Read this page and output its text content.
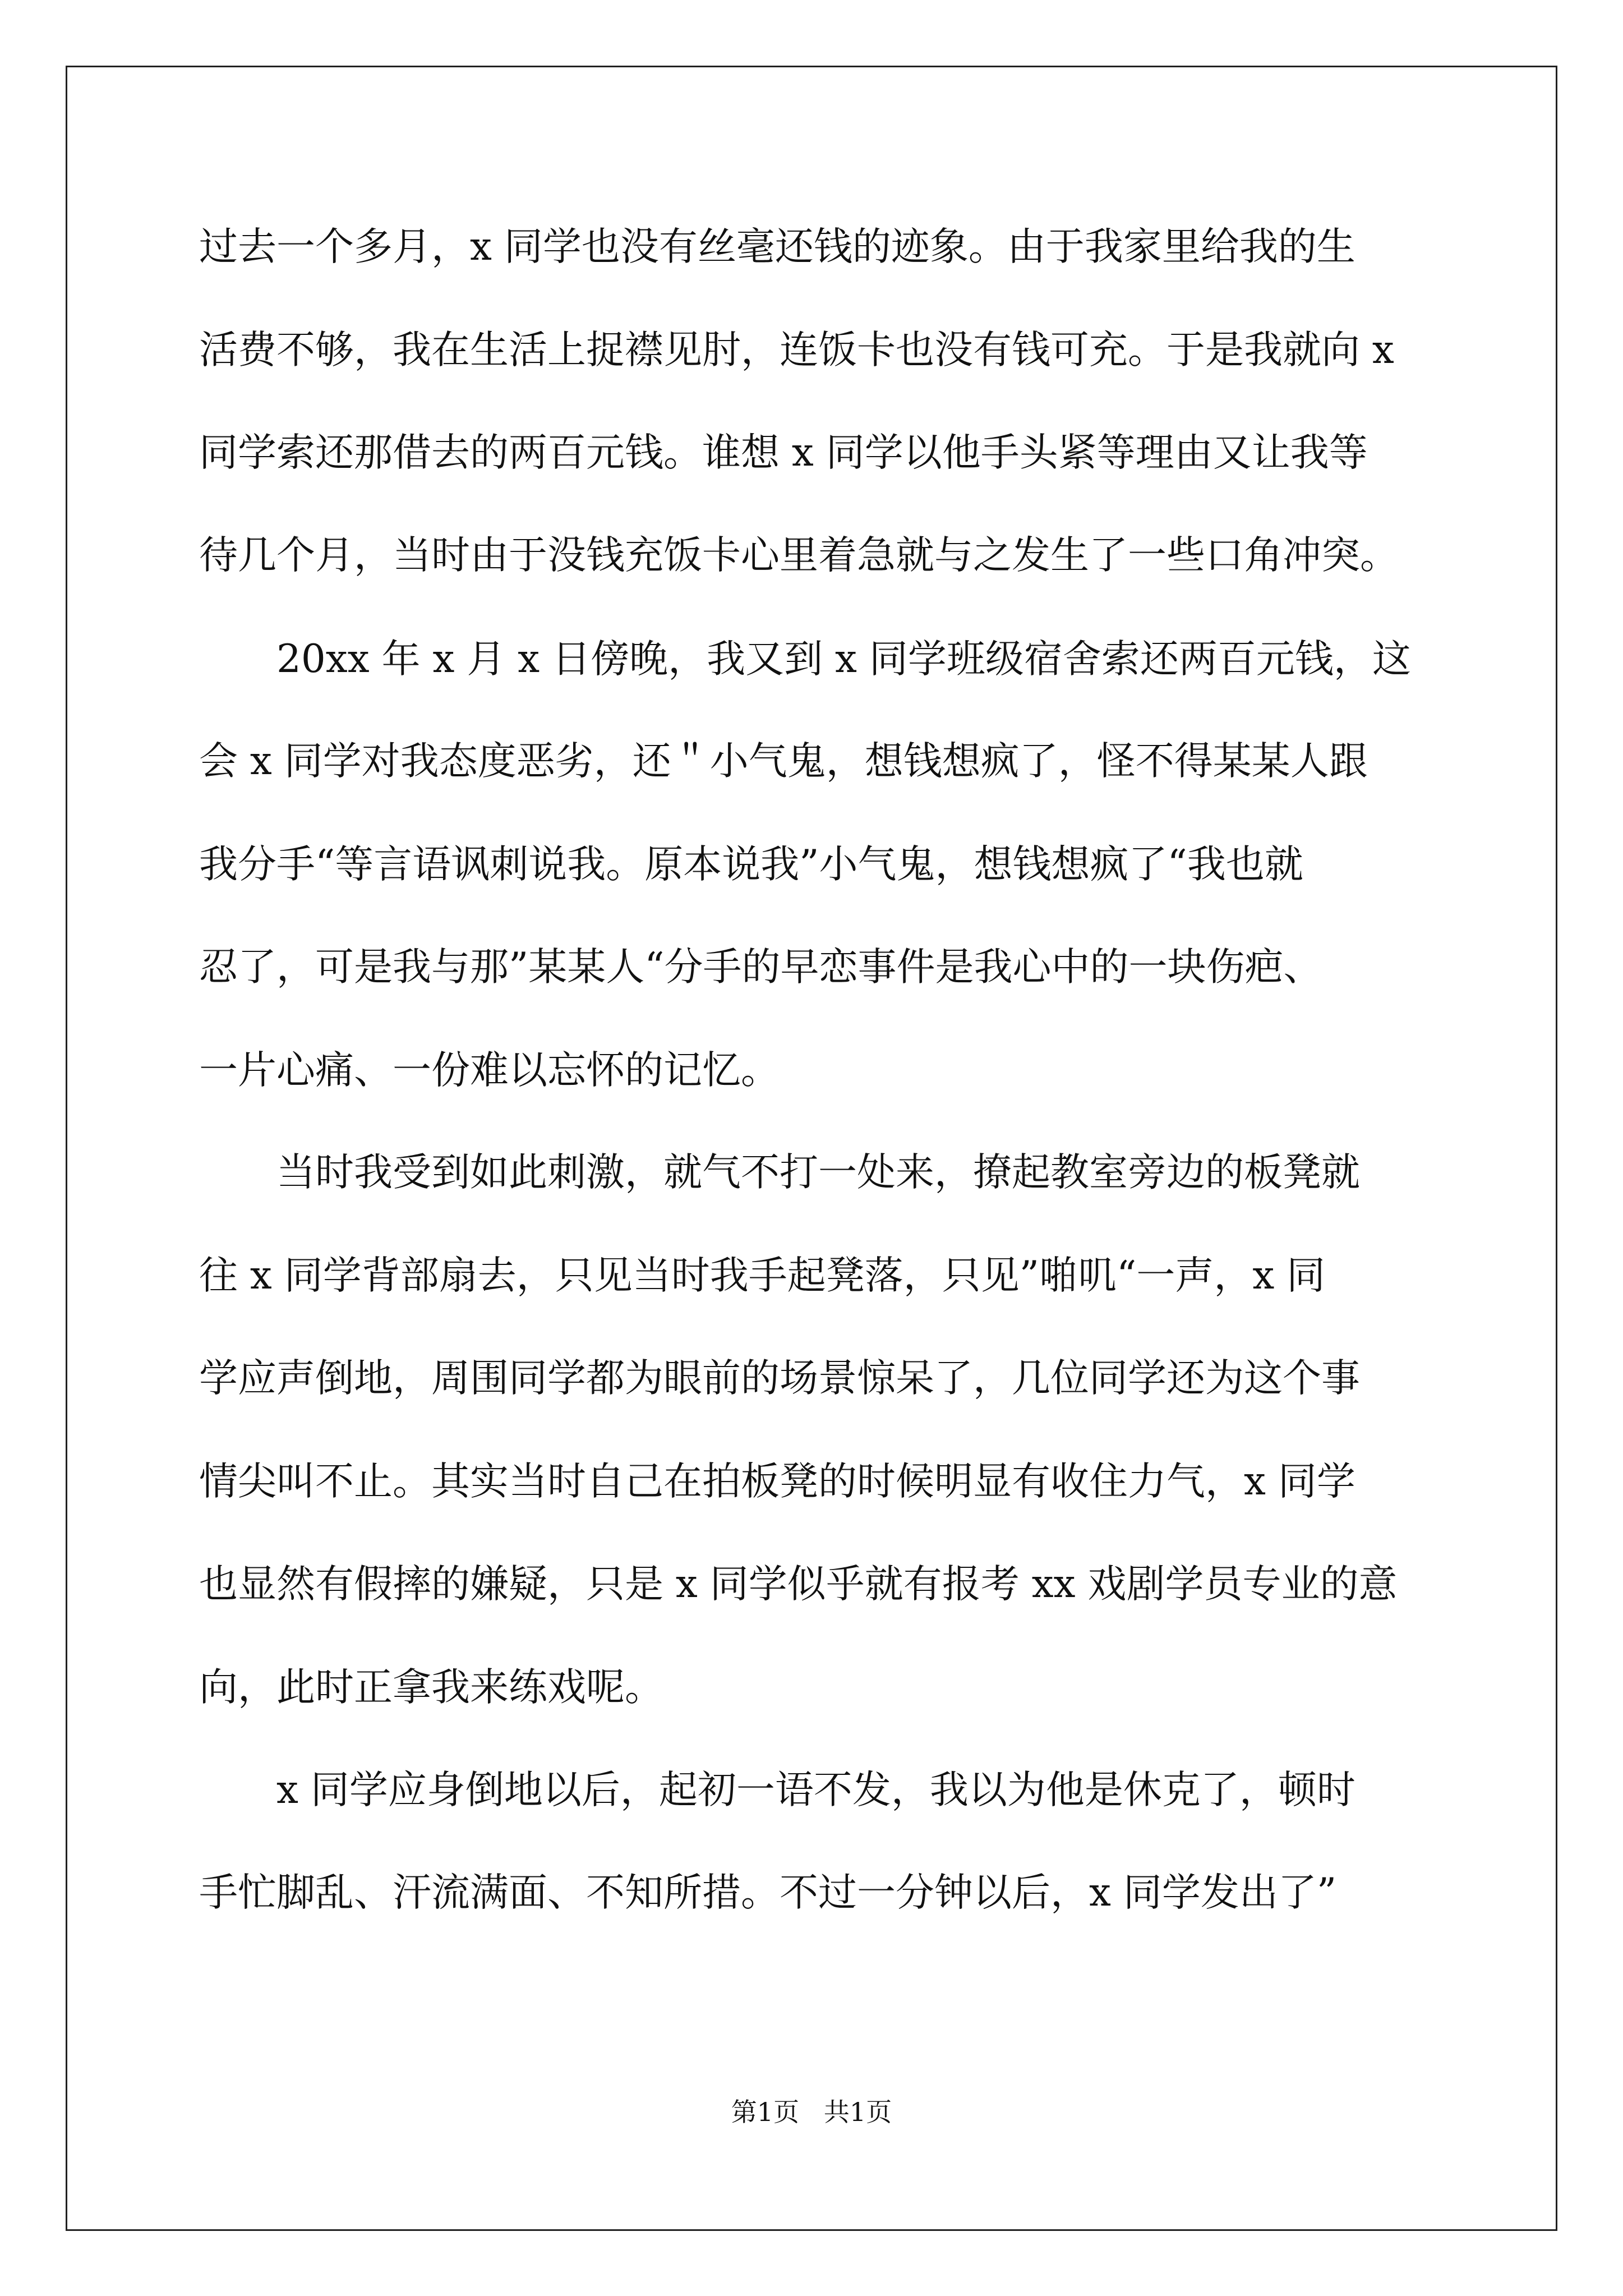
过去一个多月，x 同学也没有丝毫还钱的迹象。由于我家里给我的生
活费不够，我在生活上捉襟见肘，连饭卡也没有钱可充。于是我就向 x
同学索还那借去的两百元钱。谁想 x 同学以他手头紧等理由又让我等
待几个月，当时由于没钱充饭卡心里着急就与之发生了一些口角冲突。
20xx 年 x 月 x 日傍晚，我又到 x 同学班级宿舍索还两百元钱，这
会 x 同学对我态度恶劣，还＂小气鬼，想钱想疯了，怪不得某某人跟
我分手“等言语讽刺说我。原本说我”小气鬼，想钱想疯了“我也就
忍了，可是我与那”某某人“分手的早恋事件是我心中的一块伤疤、
一片心痛、一份难以忘怀的记忆。
当时我受到如此刺激，就气不打一处来，撩起教室旁边的板凳就
往 x 同学背部扇去，只见当时我手起凳落，只见”啪叽“一声，x 同
学应声倒地，周围同学都为眼前的场景惊呆了，几位同学还为这个事
情尖叫不止。其实当时自己在拍板凳的时候明显有收住力气，x 同学
也显然有假摔的嫌疑，只是 x 同学似乎就有报考 xx 戏剧学员专业的意
向，此时正拿我来练戏呢。
x 同学应身倒地以后，起初一语不发，我以为他是休克了，顿时
手忙脚乱、汗流满面、不知所措。不过一分钟以后，x 同学发出了”
第1页   共1页
